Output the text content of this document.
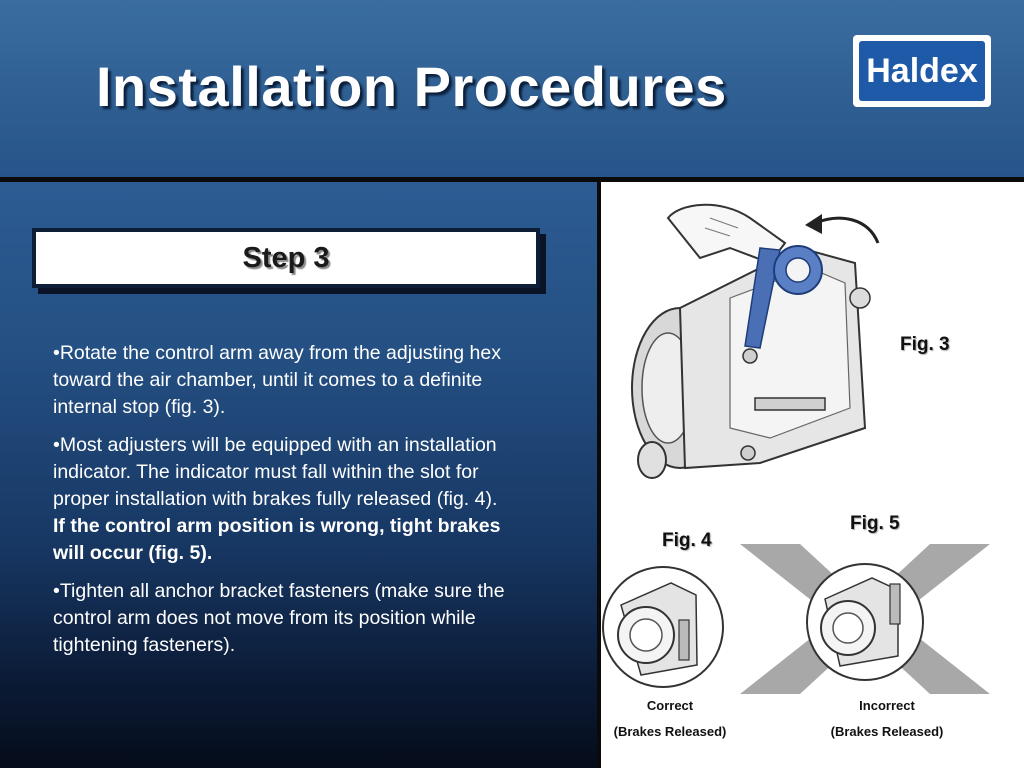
Installation Procedures	Haldex
Step 3

•Rotate the control arm away from the adjusting hex toward the air chamber, until it comes to a definite internal stop (fig. 3).

•Most adjusters will be equipped with an installation indicator. The indicator must fall within the slot for proper installation with brakes fully released (fig. 4). If the control arm position is wrong, tight brakes will occur (fig. 5).

•Tighten all anchor bracket fasteners (make sure the control arm does not move from its position while tightening fasteners).

Fig. 3
Fig. 4
Correct
(Brakes Released)
Fig. 5
Incorrect
(Brakes Released)
